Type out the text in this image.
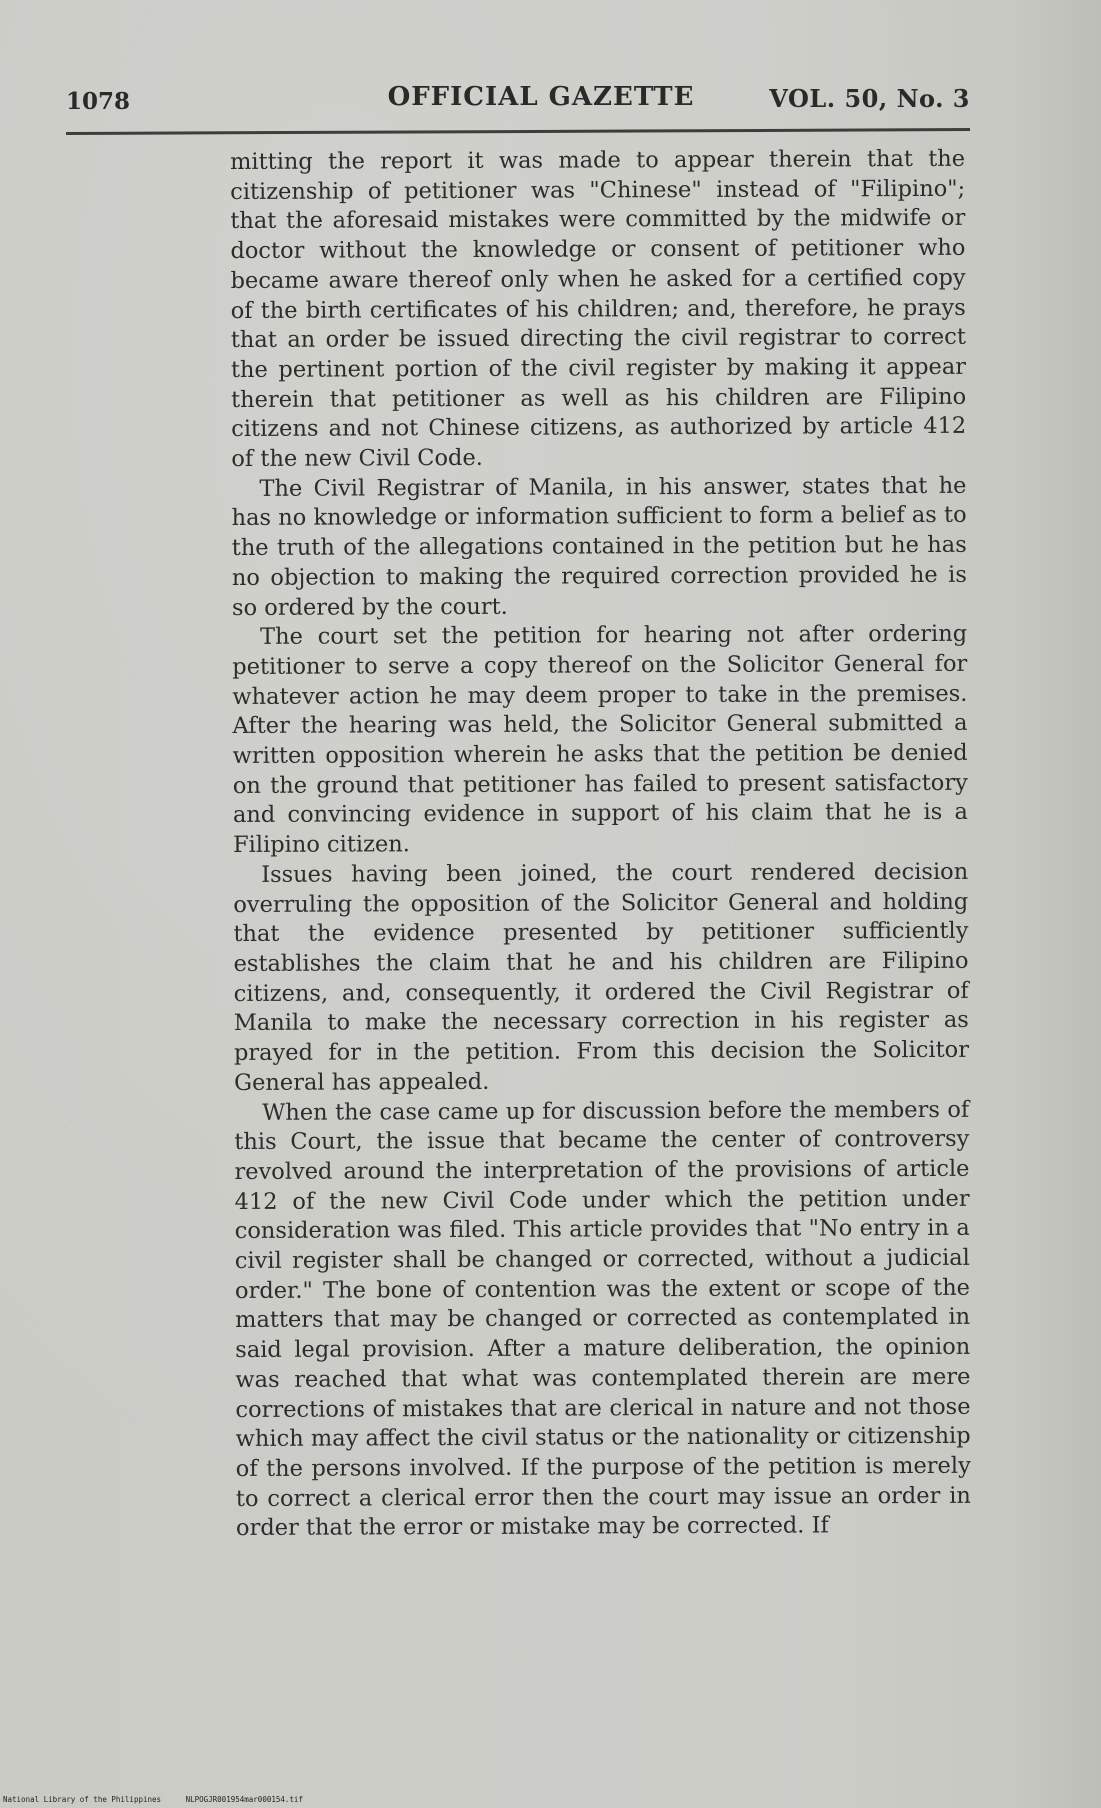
1078	OFFICIAL GAZETTE	VOL. 50, No. 3

mitting the report it was made to appear therein that the citizenship of petitioner was "Chinese" instead of "Filipino"; that the aforesaid mistakes were committed by the midwife or doctor without the knowledge or consent of petitioner who became aware thereof only when he asked for a certified copy of the birth certificates of his children; and, therefore, he prays that an order be issued directing the civil registrar to correct the pertinent portion of the civil register by making it appear therein that petitioner as well as his children are Filipino citizens and not Chinese citizens, as authorized by article 412 of the new Civil Code.

The Civil Registrar of Manila, in his answer, states that he has no knowledge or information sufficient to form a belief as to the truth of the allegations contained in the petition but he has no objection to making the required correction provided he is so ordered by the court.

The court set the petition for hearing not after ordering petitioner to serve a copy thereof on the Solicitor General for whatever action he may deem proper to take in the premises. After the hearing was held, the Solicitor General submitted a written opposition wherein he asks that the petition be denied on the ground that petitioner has failed to present satisfactory and convincing evidence in support of his claim that he is a Filipino citizen.

Issues having been joined, the court rendered decision overruling the opposition of the Solicitor General and holding that the evidence presented by petitioner sufficiently establishes the claim that he and his children are Filipino citizens, and, consequently, it ordered the Civil Registrar of Manila to make the necessary correction in his register as prayed for in the petition. From this decision the Solicitor General has appealed.

When the case came up for discussion before the members of this Court, the issue that became the center of controversy revolved around the interpretation of the provisions of article 412 of the new Civil Code under which the petition under consideration was filed. This article provides that "No entry in a civil register shall be changed or corrected, without a judicial order." The bone of contention was the extent or scope of the matters that may be changed or corrected as contemplated in said legal provision. After a mature deliberation, the opinion was reached that what was contemplated therein are mere corrections of mistakes that are clerical in nature and not those which may affect the civil status or the nationality or citizenship of the persons involved. If the purpose of the petition is merely to correct a clerical error then the court may issue an order in order that the error or mistake may be corrected. If

National Library of the Philippines	NLPOGJR001954mar000154.tif
